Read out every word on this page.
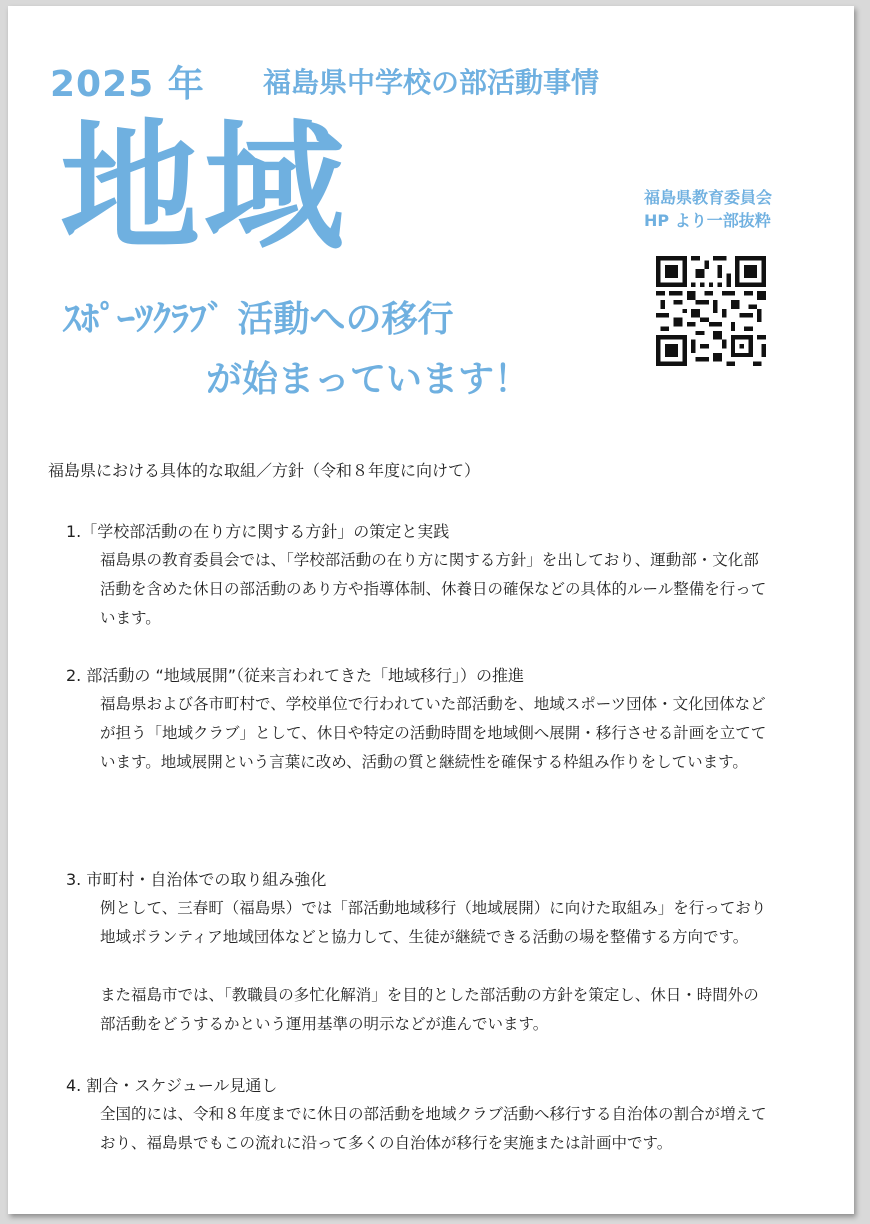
2025 年 福島県中学校の部活動事情
地域
ｽﾎﾟｰﾂｸﾗﾌﾞ 活動への移行
が始まっています！
福島県教育委員会
HP より一部抜粋
福島県における具体的な取組／方針（令和８年度に向けて）
1.「学校部活動の在り方に関する方針」の策定と実践
福島県の教育委員会では、「学校部活動の在り方に関する方針」を出しており、運動部・文化部
活動を含めた休日の部活動のあり方や指導体制、休養日の確保などの具体的ルール整備を行って
います。
2. 部活動の “地域展開”（従来言われてきた「地域移行」）の推進
福島県および各市町村で、学校単位で行われていた部活動を、地域スポーツ団体・文化団体など
が担う「地域クラブ」として、休日や特定の活動時間を地域側へ展開・移行させる計画を立てて
います。地域展開という言葉に改め、活動の質と継続性を確保する枠組み作りをしています。
3. 市町村・自治体での取り組み強化
例として、三春町（福島県）では「部活動地域移行（地域展開）に向けた取組み」を行っており
地域ボランティア地域団体などと協力して、生徒が継続できる活動の場を整備する方向です。
また福島市では、「教職員の多忙化解消」を目的とした部活動の方針を策定し、休日・時間外の
部活動をどうするかという運用基準の明示などが進んでいます。
4. 割合・スケジュール見通し
全国的には、令和８年度までに休日の部活動を地域クラブ活動へ移行する自治体の割合が増えて
おり、福島県でもこの流れに沿って多くの自治体が移行を実施または計画中です。
